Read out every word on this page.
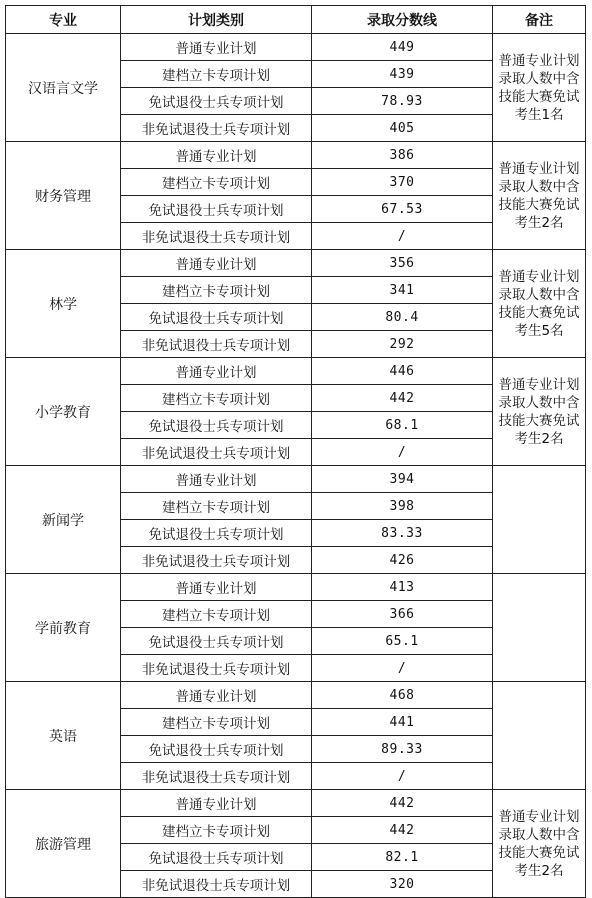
专业	计划类别	录取分数线	备注
汉语言文学	普通专业计划	449	普通专业计划录取人数中含技能大赛免试考生1名
	建档立卡专项计划	439	
	免试退役士兵专项计划	78.93	
	非免试退役士兵专项计划	405	
财务管理	普通专业计划	386	普通专业计划录取人数中含技能大赛免试考生2名
	建档立卡专项计划	370	
	免试退役士兵专项计划	67.53	
	非免试退役士兵专项计划	/	
林学	普通专业计划	356	普通专业计划录取人数中含技能大赛免试考生5名
	建档立卡专项计划	341	
	免试退役士兵专项计划	80.4	
	非免试退役士兵专项计划	292	
小学教育	普通专业计划	446	普通专业计划录取人数中含技能大赛免试考生2名
	建档立卡专项计划	442	
	免试退役士兵专项计划	68.1	
	非免试退役士兵专项计划	/	
新闻学	普通专业计划	394	
	建档立卡专项计划	398	
	免试退役士兵专项计划	83.33	
	非免试退役士兵专项计划	426	
学前教育	普通专业计划	413	
	建档立卡专项计划	366	
	免试退役士兵专项计划	65.1	
	非免试退役士兵专项计划	/	
英语	普通专业计划	468	
	建档立卡专项计划	441	
	免试退役士兵专项计划	89.33	
	非免试退役士兵专项计划	/	
旅游管理	普通专业计划	442	普通专业计划录取人数中含技能大赛免试考生2名
	建档立卡专项计划	442	
	免试退役士兵专项计划	82.1	
	非免试退役士兵专项计划	320	
